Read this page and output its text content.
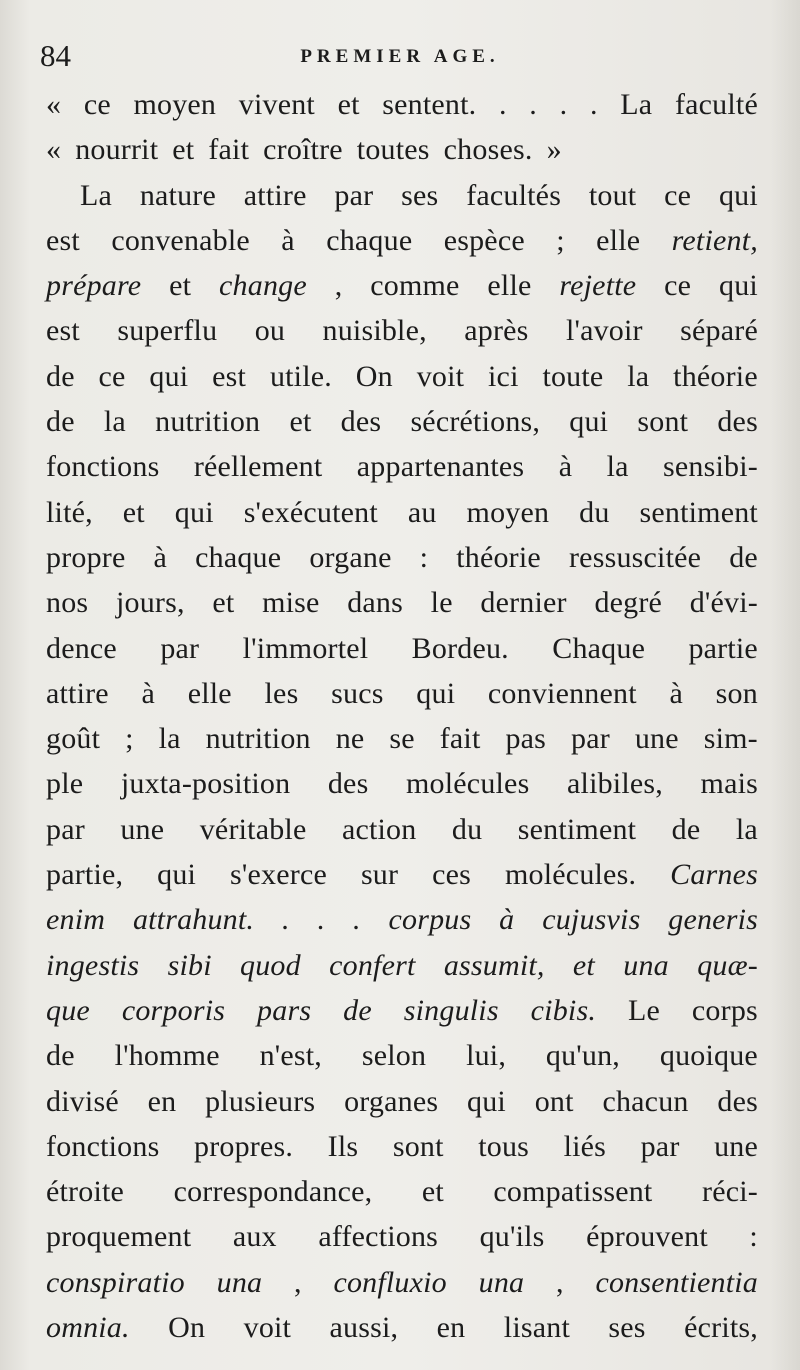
84	PREMIER AGE.
« ce moyen vivent et sentent. . . . . La faculté
« nourrit et fait croître toutes choses. »
La nature attire par ses facultés tout ce qui
est convenable à chaque espèce ; elle retient,
prépare et change , comme elle rejette ce qui
est superflu ou nuisible, après l'avoir séparé
de ce qui est utile. On voit ici toute la théorie
de la nutrition et des sécrétions, qui sont des
fonctions réellement appartenantes à la sensibi-
lité, et qui s'exécutent au moyen du sentiment
propre à chaque organe : théorie ressuscitée de
nos jours, et mise dans le dernier degré d'évi-
dence par l'immortel Bordeu. Chaque partie
attire à elle les sucs qui conviennent à son
goût ; la nutrition ne se fait pas par une sim-
ple juxta-position des molécules alibiles, mais
par une véritable action du sentiment de la
partie, qui s'exerce sur ces molécules. Carnes
enim attrahunt. . . . corpus à cujusvis generis
ingestis sibi quod confert assumit, et una quæ-
que corporis pars de singulis cibis. Le corps
de l'homme n'est, selon lui, qu'un, quoique
divisé en plusieurs organes qui ont chacun des
fonctions propres. Ils sont tous liés par une
étroite correspondance, et compatissent réci-
proquement aux affections qu'ils éprouvent :
conspiratio una , confluxio una , consentientia
omnia. On voit aussi, en lisant ses écrits,
